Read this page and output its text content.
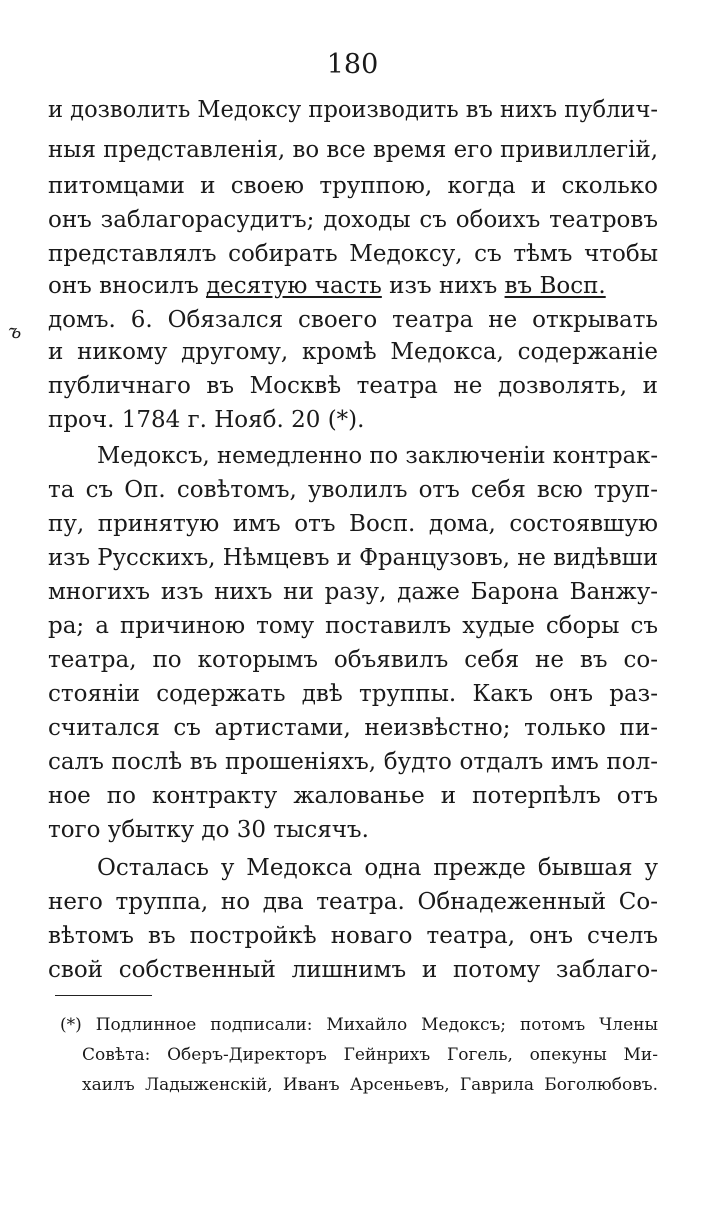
180
ъ
и дозволить Медоксу производить въ нихъ публич-
ныя представленія, во все время его привиллегій,
питомцами и своею труппою, когда и сколько
онъ заблагорасудитъ; доходы съ обоихъ театровъ
представлялъ собирать Медоксу, съ тѣмъ чтобы
онъ вносилъ десятую часть изъ нихъ въ Восп.
домъ. 6. Обязался своего театра не открывать
и никому другому, кромѣ Медокса, содержаніе
публичнаго въ Москвѣ театра не дозволять, и
проч. 1784 г. Нояб. 20 (*).
Медоксъ, немедленно по заключеніи контрак-
та съ Оп. совѣтомъ, уволилъ отъ себя всю труп-
пу, принятую имъ отъ Восп. дома, состоявшую
изъ Русскихъ, Нѣмцевъ и Французовъ, не видѣвши
многихъ изъ нихъ ни разу, даже Барона Ванжу-
ра; а причиною тому поставилъ худые сборы съ
театра, по которымъ объявилъ себя не въ со-
стояніи содержать двѣ труппы. Какъ онъ раз-
считался съ артистами, неизвѣстно; только пи-
салъ послѣ въ прошеніяхъ, будто отдалъ имъ пол-
ное по контракту жалованье и потерпѣлъ отъ
того убытку до 30 тысячъ.
Осталась у Медокса одна прежде бывшая у
него труппа, но два театра. Обнадеженный Со-
вѣтомъ въ постройкѣ новаго театра, онъ счелъ
свой собственный лишнимъ и потому заблаго-
(*) Подлинное подписали: Михайло Медоксъ; потомъ Члены
Совѣта: Оберъ-Директоръ Гейнрихъ Гогель, опекуны Ми-
хаилъ Ладыженскій, Иванъ Арсеньевъ, Гаврила Боголюбовъ.
